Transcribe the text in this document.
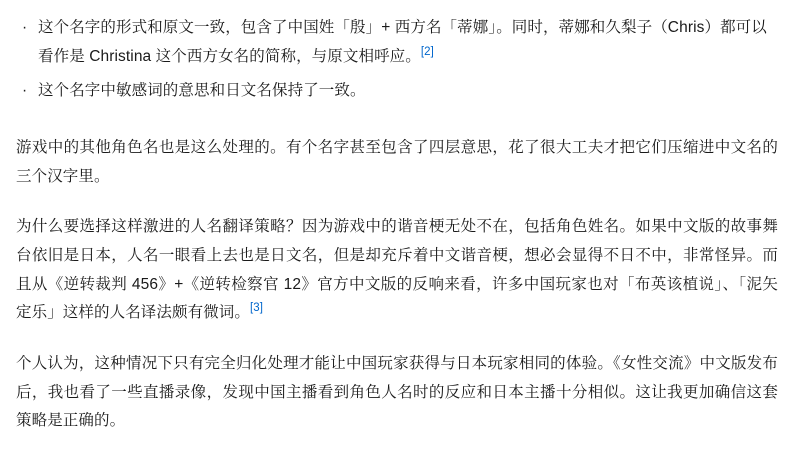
· 这个名字的形式和原文一致，包含了中国姓「殷」+ 西方名「蒂娜」。同时，蒂娜和久梨子（Chris）都可以看作是 Christina 这个西方女名的简称，与原文相呼应。[2]
· 这个名字中敏感词的意思和日文名保持了一致。

游戏中的其他角色名也是这么处理的。有个名字甚至包含了四层意思，花了很大工夫才把它们压缩进中文名的三个汉字里。

为什么要选择这样激进的人名翻译策略？因为游戏中的谐音梗无处不在，包括角色姓名。如果中文版的故事舞台依旧是日本，人名一眼看上去也是日文名，但是却充斥着中文谐音梗，想必会显得不日不中，非常怪异。而且从《逆转裁判 456》+《逆转检察官 12》官方中文版的反响来看，许多中国玩家也对「布英该植说」、「泥矢定乐」这样的人名译法颇有微词。[3]

个人认为，这种情况下只有完全归化处理才能让中国玩家获得与日本玩家相同的体验。《女性交流》中文版发布后，我也看了一些直播录像，发现中国主播看到角色人名时的反应和日本主播十分相似。这让我更加确信这套策略是正确的。
